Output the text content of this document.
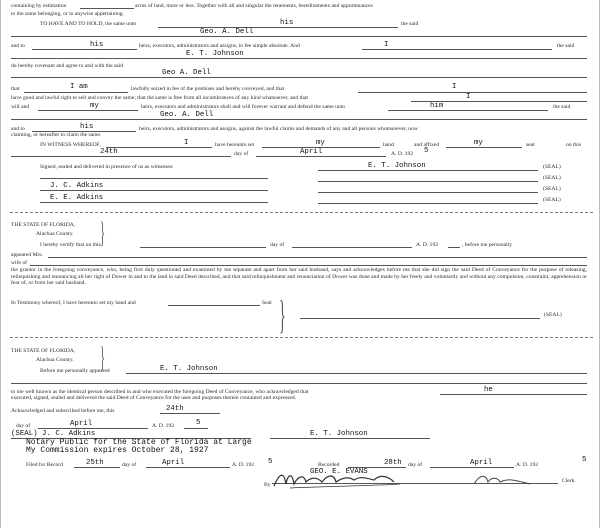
containing by estimation	acres of land, more or less. Together with all and singular the tenements, hereditaments and appurtenances
to the same belonging, or in anywise appertaining.
TO HAVE AND TO HOLD, the same unto	his	the said
Geo. A. Dell
and to	his	heirs, executors, administrators and assigns, in fee simple absolute. And	I	the said
E. T. Johnson
do hereby covenant and agree to and with the said
Geo A. Dell
that	I am	lawfully seized in fee of the premises and hereby conveyed, and that	I
have good and lawful right to sell and convey the same; that the same is free from all incumbrances of any kind whatsoever, and that	I
will and	my	heirs, executors and administrators shall and will forever warrant and defend the same unto	him	the said
Geo. A. Dell
and to	his	heirs, executors, administrators and assigns, against the lawful claims and demands of any and all persons whomsoever, now
claiming, or hereafter to claim the same.
IN WITNESS WHEREOF,	I	have hereunto set	my	hand	and affixed	my	seal	on this
24th	day of	April	A. D. 192 5
Signed, sealed and delivered in presence of us as witnesses:	E. T. Johnson	(SEAL)
(SEAL)
J. C. Adkins	(SEAL)
E. E. Adkins	(SEAL)
THE STATE OF FLORIDA, }
Alachua County.
I hereby certify that on this	day of	A. D. 192	, before me personally
appeared Mrs.
wife of
the grantor in the foregoing conveyance, who, being first duly questioned and examined by me separate and apart from her said husband, says and acknowledges before me that she did sign the said Deed of Conveyance for the purpose of releasing, relinquishing and renouncing all her right of Dower in and to the land in said Deed described, and that said relinquishment and renunciation of Dower was done and made by her freely and voluntarily and without any compulsion, constraint, apprehension or fear of, or from her said husband.
In Testimony whereof, I have hereunto set my hand and	Seal }	(SEAL)
THE STATE OF FLORIDA, }
Alachua County.
Before me personally appeared	E. T. Johnson
to me well known as the identical person described in and who executed the foregoing Deed of Conveyance, who acknowledged that	he
executed, signed, sealed and delivered the said Deed of Conveyance for the uses and purposes therein contained and expressed.
Acknowledged and subscribed before me, this	24th
day of	April	A. D. 192	5
(SEAL) J. C. Adkins	E. T. Johnson
Notary Public for the State of Florida at Large
My Commission expires October 28, 1927
Filed for Record	25th	day of	April	A. D. 192 5	Recorded	28th day of	April	A. D. 192
5
GEO. E. EVANS
Clerk.
By
